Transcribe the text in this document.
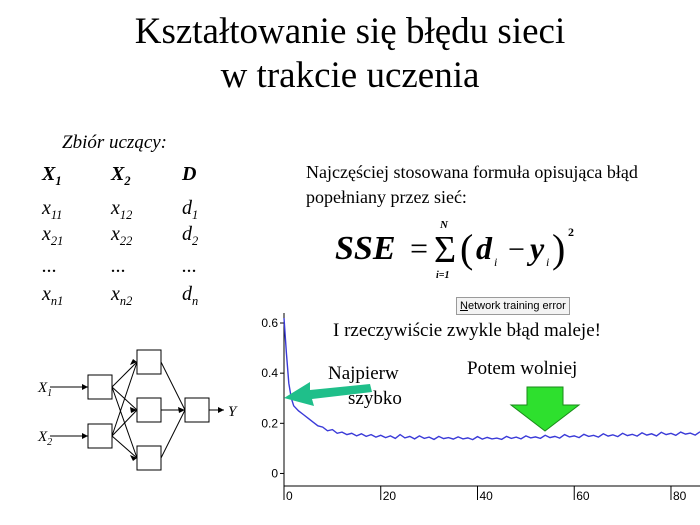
Kształtowanie się błędu sieci
w trakcie uczenia
Zbiór uczący:
$X_1$ $X_2$	D
$x_{11}$ $x_{12}$ $d_1$
$x_{21}$ $x_{22}$ $d_2$
...	...	...
$x_{n1}$ $x_{n2}$ $d_n$
$X_1$
$X_2$
Y
Najczęściej stosowana formuła opisująca błąd popełniany przez sieć:
SSE = Σ
N
i=1
( d i − y i ) 2
0
0.2
0.4
0.6
0	20	40	60	80
Network training error
I rzeczywiście zwykle błąd maleje!
Najpierw
szybko
Potem wolniej
